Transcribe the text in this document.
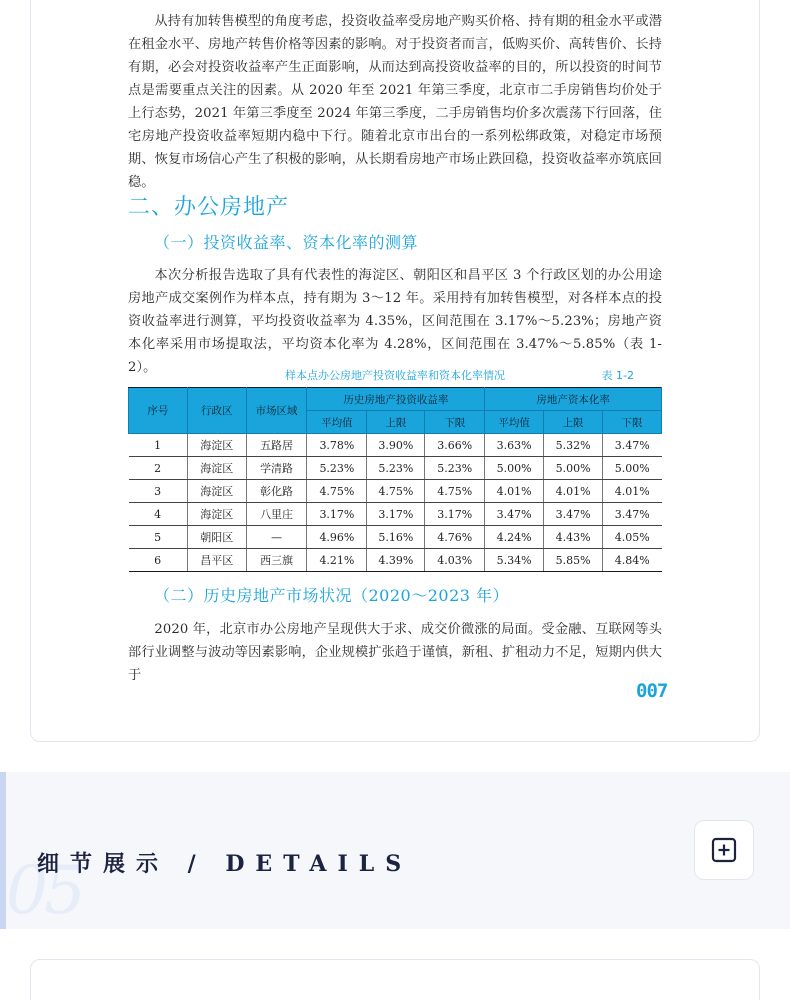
从持有加转售模型的角度考虑，投资收益率受房地产购买价格、持有期的租金水平或潜在租金水平、房地产转售价格等因素的影响。对于投资者而言，低购买价、高转售价、长持有期，必会对投资收益率产生正面影响，从而达到高投资收益率的目的，所以投资的时间节点是需要重点关注的因素。从 2020 年至 2021 年第三季度，北京市二手房销售均价处于上行态势，2021 年第三季度至 2024 年第三季度，二手房销售均价多次震荡下行回落，住宅房地产投资收益率短期内稳中下行。随着北京市出台的一系列松绑政策，对稳定市场预期、恢复市场信心产生了积极的影响，从长期看房地产市场止跌回稳，投资收益率亦筑底回稳。

二、办公房地产
（一）投资收益率、资本化率的测算

本次分析报告选取了具有代表性的海淀区、朝阳区和昌平区 3 个行政区划的办公用途房地产成交案例作为样本点，持有期为 3～12 年。采用持有加转售模型，对各样本点的投资收益率进行测算，平均投资收益率为 4.35%，区间范围在 3.17%～5.23%；房地产资本化率采用市场提取法，平均资本化率为 4.28%，区间范围在 3.47%～5.85%（表 1-2）。

样本点办公房地产投资收益率和资本化率情况	表 1-2
序号	行政区	市场区域	历史房地产投资收益率			房地产资本化率		
			平均值	上限	下限	平均值	上限	下限
1	海淀区	五路居	3.78%	3.90%	3.66%	3.63%	5.32%	3.47%
2	海淀区	学清路	5.23%	5.23%	5.23%	5.00%	5.00%	5.00%
3	海淀区	彰化路	4.75%	4.75%	4.75%	4.01%	4.01%	4.01%
4	海淀区	八里庄	3.17%	3.17%	3.17%	3.47%	3.47%	3.47%
5	朝阳区	—	4.96%	5.16%	4.76%	4.24%	4.43%	4.05%
6	昌平区	西三旗	4.21%	4.39%	4.03%	5.34%	5.85%	4.84%
（二）历史房地产市场状况（2020～2023 年）

2020 年，北京市办公房地产呈现供大于求、成交价微涨的局面。受金融、互联网等头部行业调整与波动等因素影响，企业规模扩张趋于谨慎，新租、扩租动力不足，短期内供大于

007
05
细节展示 / DETAILS
